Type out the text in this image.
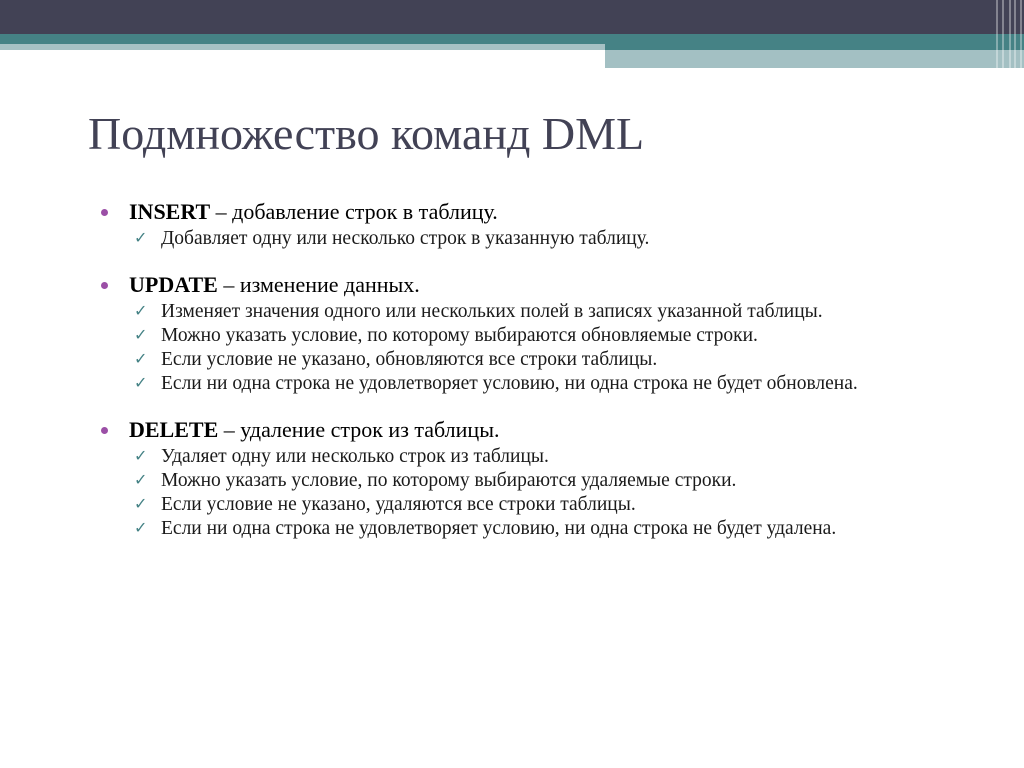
Подмножество команд DML

INSERT – добавление строк в таблицу.

✓ Добавляет одну или несколько строк в указанную таблицу.

UPDATE – изменение данных.

✓ Изменяет значения одного или нескольких полей в записях указанной таблицы.

✓ Можно указать условие, по которому выбираются обновляемые строки.

✓ Если условие не указано, обновляются все строки таблицы.

✓ Если ни одна строка не удовлетворяет условию, ни одна строка не будет обновлена.

DELETE – удаление строк из таблицы.

✓ Удаляет одну или несколько строк из таблицы.

✓ Можно указать условие, по которому выбираются удаляемые строки.

✓ Если условие не указано, удаляются все строки таблицы.

✓ Если ни одна строка не удовлетворяет условию, ни одна строка не будет удалена.
